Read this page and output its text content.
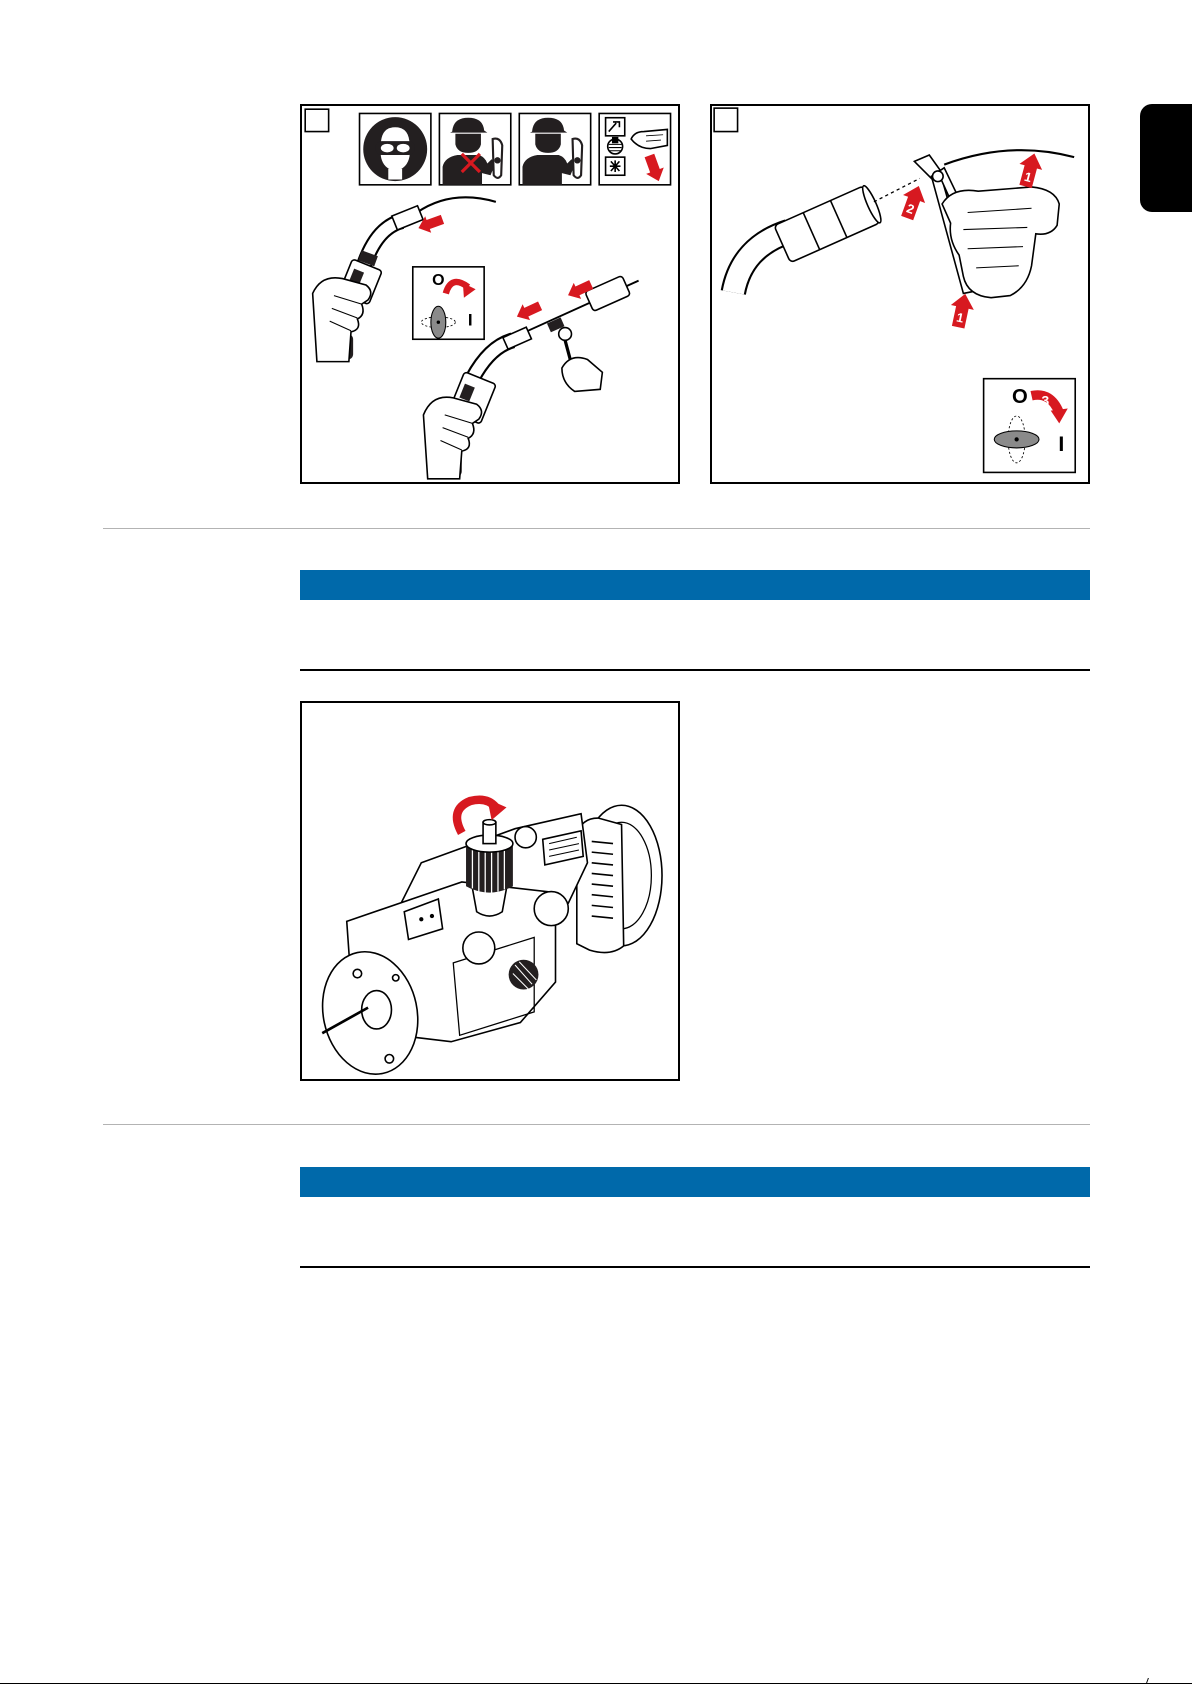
O
I
1
2
1
O 3
I
